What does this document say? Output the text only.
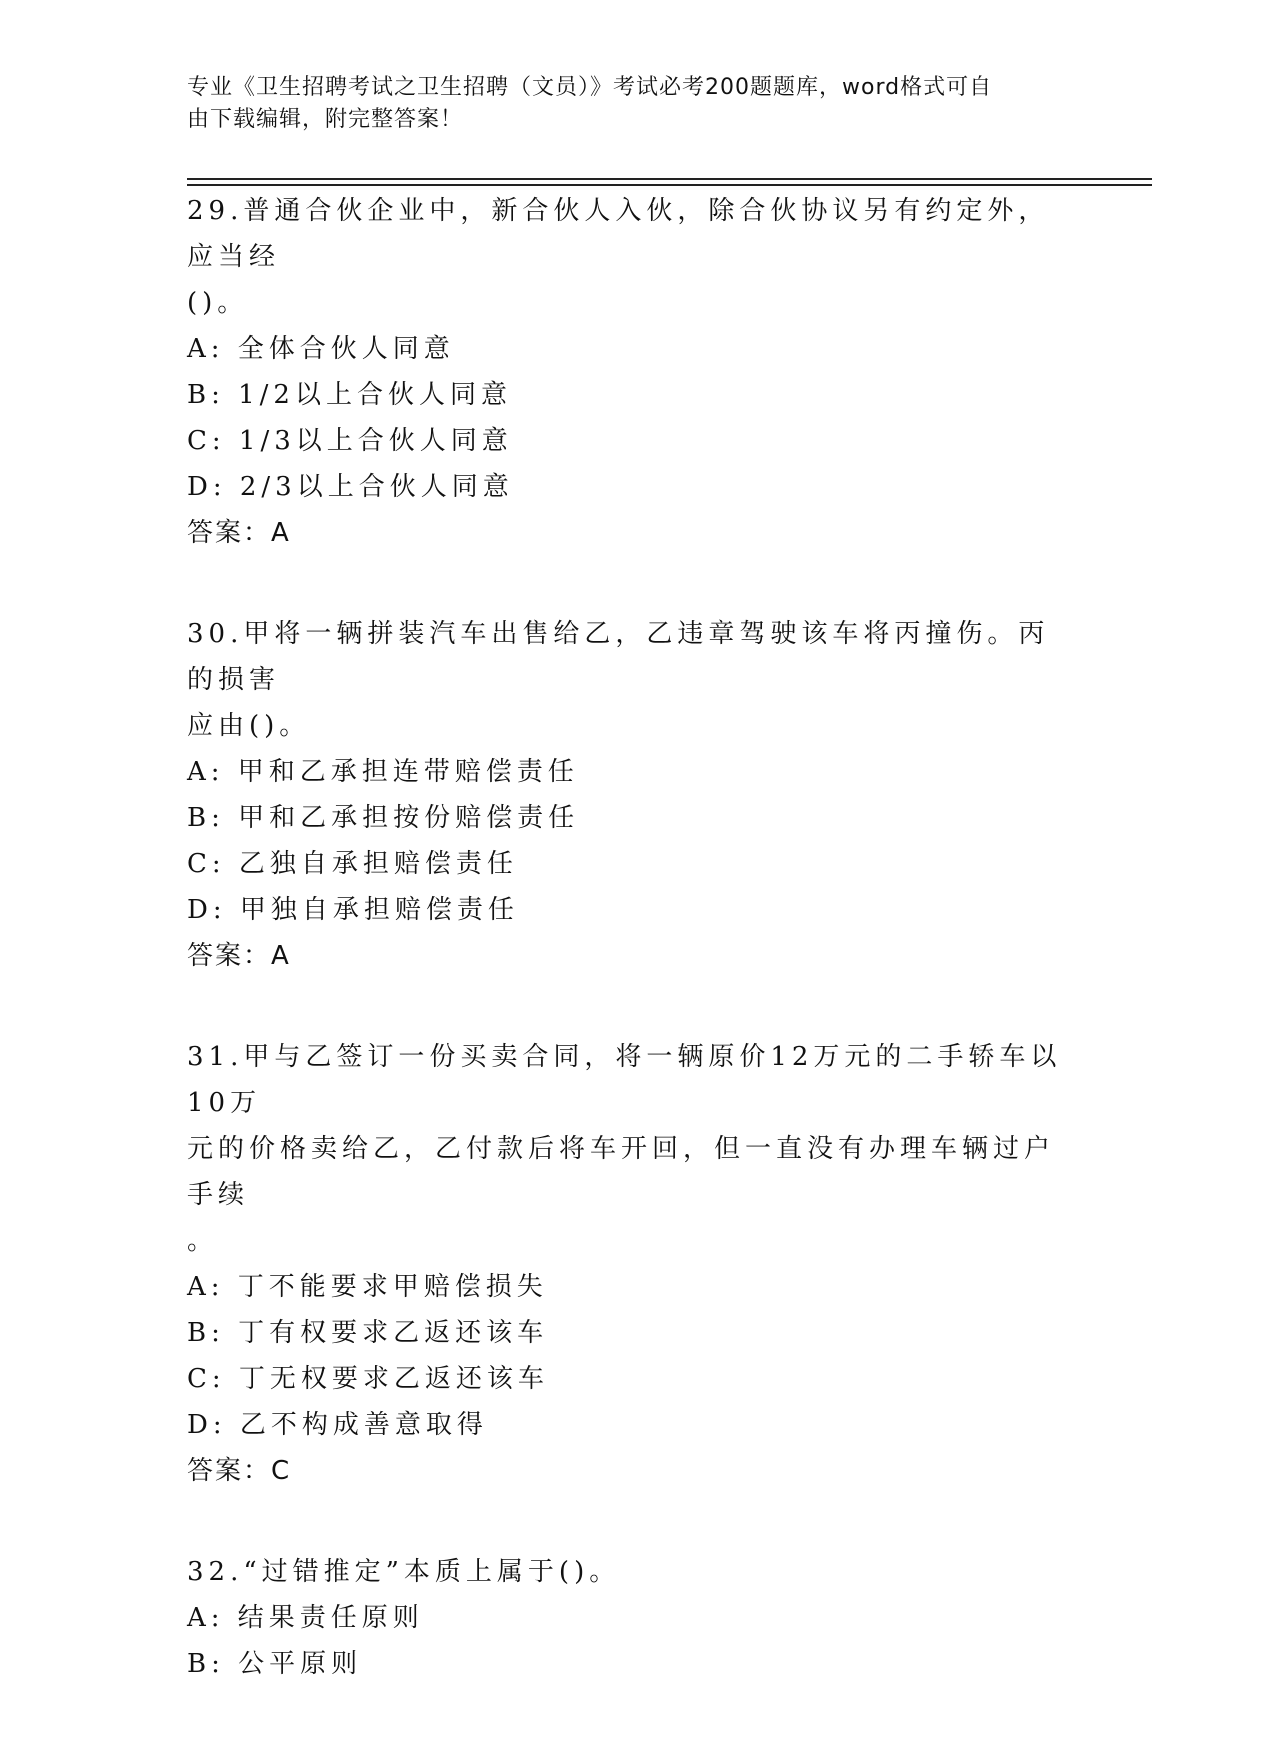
专业《卫生招聘考试之卫生招聘（文员）》考试必考200题题库，word格式可自
由下载编辑，附完整答案！
29.普通合伙企业中，新合伙人入伙，除合伙协议另有约定外，应当经
()。
A: 全体合伙人同意
B: 1/2以上合伙人同意
C: 1/3以上合伙人同意
D: 2/3以上合伙人同意
答案：A
30.甲将一辆拼装汽车出售给乙，乙违章驾驶该车将丙撞伤。丙的损害
应由()。
A: 甲和乙承担连带赔偿责任
B: 甲和乙承担按份赔偿责任
C: 乙独自承担赔偿责任
D: 甲独自承担赔偿责任
答案：A
31.甲与乙签订一份买卖合同，将一辆原价12万元的二手轿车以10万
元的价格卖给乙，乙付款后将车开回，但一直没有办理车辆过户手续
。
A: 丁不能要求甲赔偿损失
B: 丁有权要求乙返还该车
C: 丁无权要求乙返还该车
D: 乙不构成善意取得
答案：C
32.“过错推定”本质上属于()。
A: 结果责任原则
B: 公平原则
